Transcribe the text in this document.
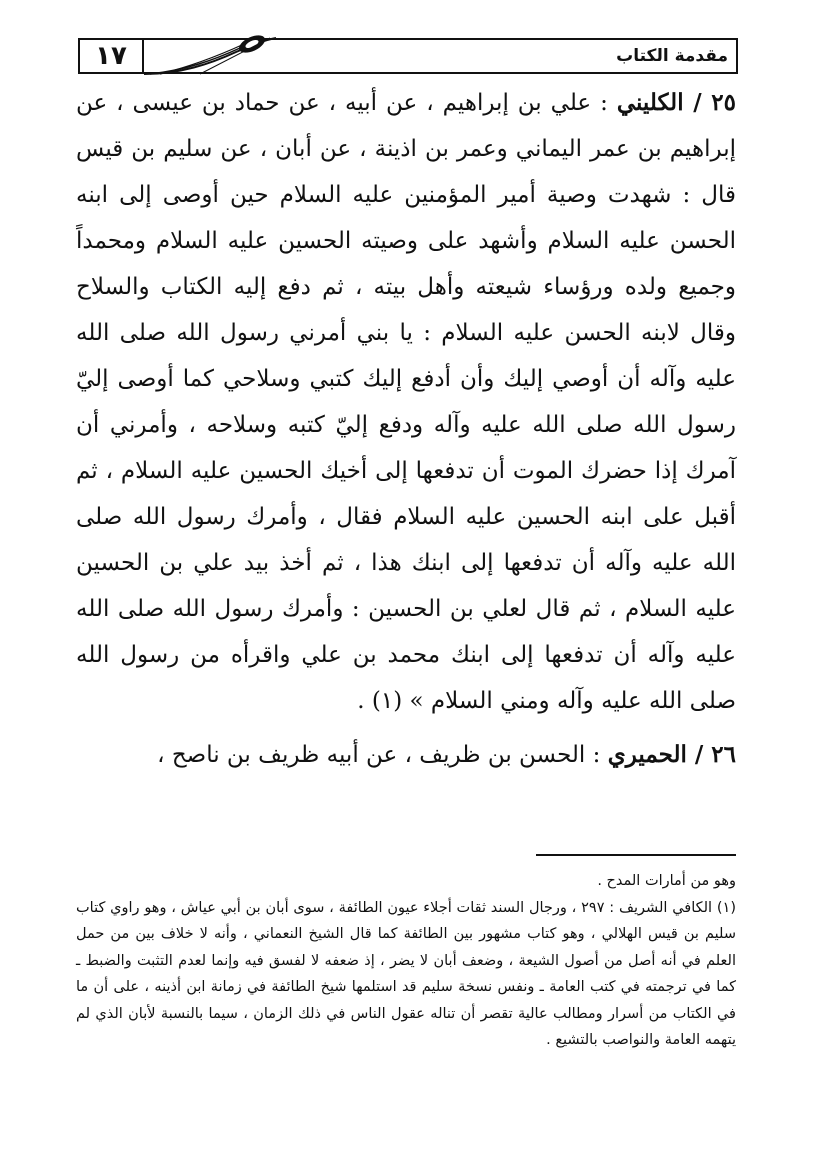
١٧	مقدمة الكتاب

٢٥ / الكليني : علي بن إبراهيم ، عن أبيه ، عن حماد بن عيسى ، عن إبراهيم بن عمر اليماني وعمر بن اذينة ، عن أبان ، عن سليم بن قيس قال : شهدت وصية أمير المؤمنين عليه السلام حين أوصى إلى ابنه الحسن عليه السلام وأشهد على وصيته الحسين عليه السلام ومحمداً وجميع ولده ورؤساء شيعته وأهل بيته ، ثم دفع إليه الكتاب والسلاح وقال لابنه الحسن عليه السلام : يا بني أمرني رسول الله صلى الله عليه وآله أن أوصي إليك وأن أدفع إليك كتبي وسلاحي كما أوصى إليّ رسول الله صلى الله عليه وآله ودفع إليّ كتبه وسلاحه ، وأمرني أن آمرك إذا حضرك الموت أن تدفعها إلى أخيك الحسين عليه السلام ، ثم أقبل على ابنه الحسين عليه السلام فقال ، وأمرك رسول الله صلى الله عليه وآله أن تدفعها إلى ابنك هذا ، ثم أخذ بيد علي بن الحسين عليه السلام ، ثم قال لعلي بن الحسين : وأمرك رسول الله صلى الله عليه وآله أن تدفعها إلى ابنك محمد بن علي واقرأه من رسول الله صلى الله عليه وآله ومني السلام » (١) .

٢٦ / الحميري : الحسن بن ظريف ، عن أبيه ظريف بن ناصح ،

وهو من أمارات المدح .
(١) الكافي الشريف : ٢٩٧ ، ورجال السند ثقات أجلاء عيون الطائفة ، سوى أبان بن أبي عياش ، وهو راوي كتاب سليم بن قيس الهلالي ، وهو كتاب مشهور بين الطائفة كما قال الشيخ النعماني ، وأنه لا خلاف بين من حمل العلم في أنه أصل من أصول الشيعة ، وضعف أبان لا يضر ، إذ ضعفه لا لفسق فيه وإنما لعدم التثبت والضبط ـ كما في ترجمته في كتب العامة ـ ونفس نسخة سليم قد استلمها شيخ الطائفة في زمانة ابن أذينه ، على أن ما في الكتاب من أسرار ومطالب عالية تقصر أن تناله عقول الناس في ذلك الزمان ، سيما بالنسبة لأبان الذي لم يتهمه العامة والنواصب بالتشيع .
